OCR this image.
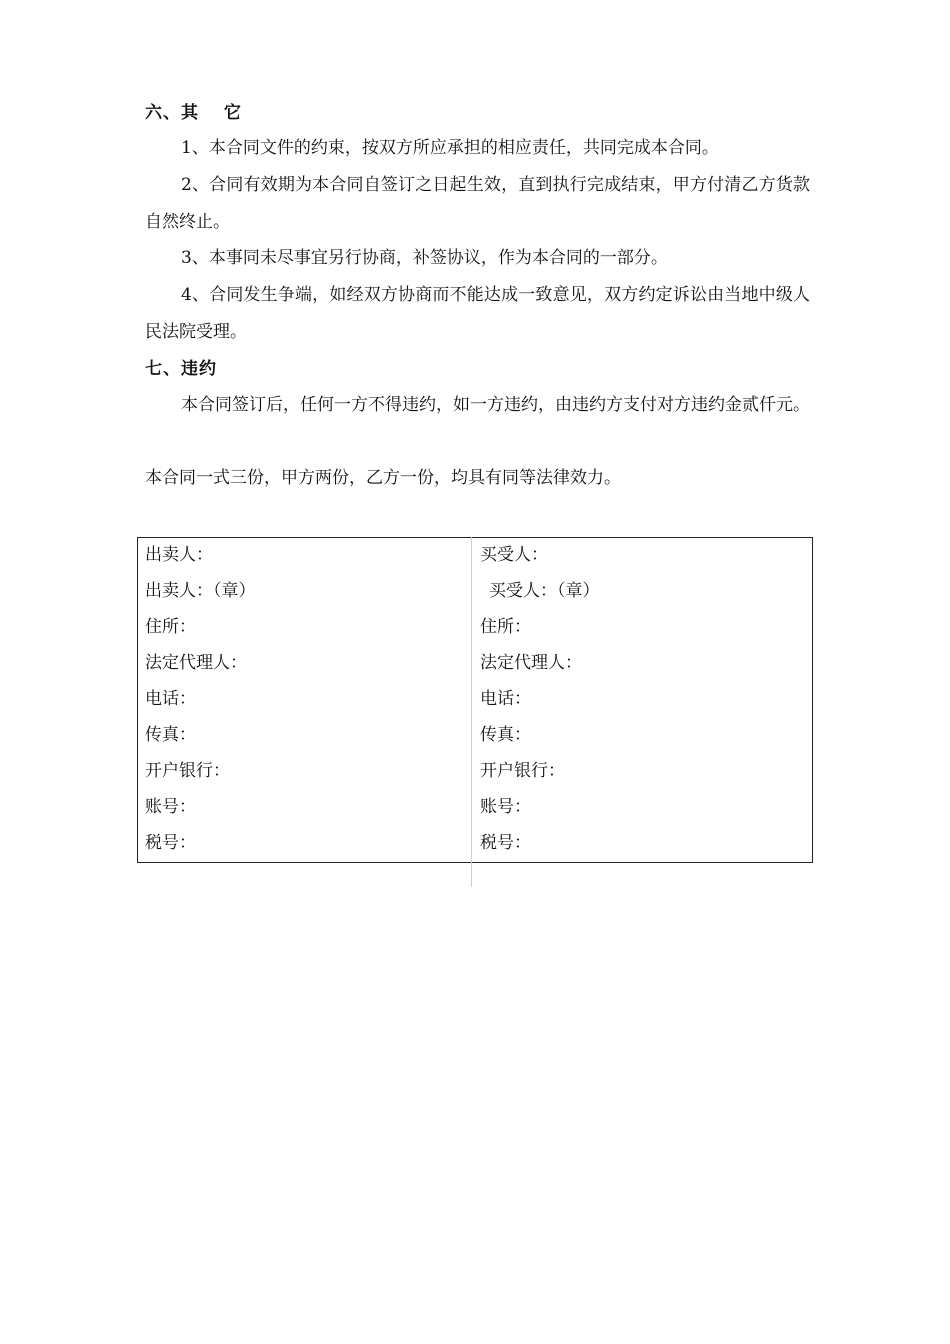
六、其　 它
1、本合同文件的约束，按双方所应承担的相应责任，共同完成本合同。
2、合同有效期为本合同自签订之日起生效，直到执行完成结束，甲方付清乙方货款自然终止。
3、本事同未尽事宜另行协商，补签协议，作为本合同的一部分。
4、合同发生争端，如经双方协商而不能达成一致意见，双方约定诉讼由当地中级人民法院受理。
七、违约
本合同签订后，任何一方不得违约，如一方违约，由违约方支付对方违约金贰仟元。
本合同一式三份，甲方两份，乙方一份，均具有同等法律效力。
出卖人：
出卖人：（章）
住所：
法定代理人：
电话：
传真：
开户银行：
账号：
税号：
买受人：
买受人：（章）
住所：
法定代理人：
电话：
传真：
开户银行：
账号：
税号：
